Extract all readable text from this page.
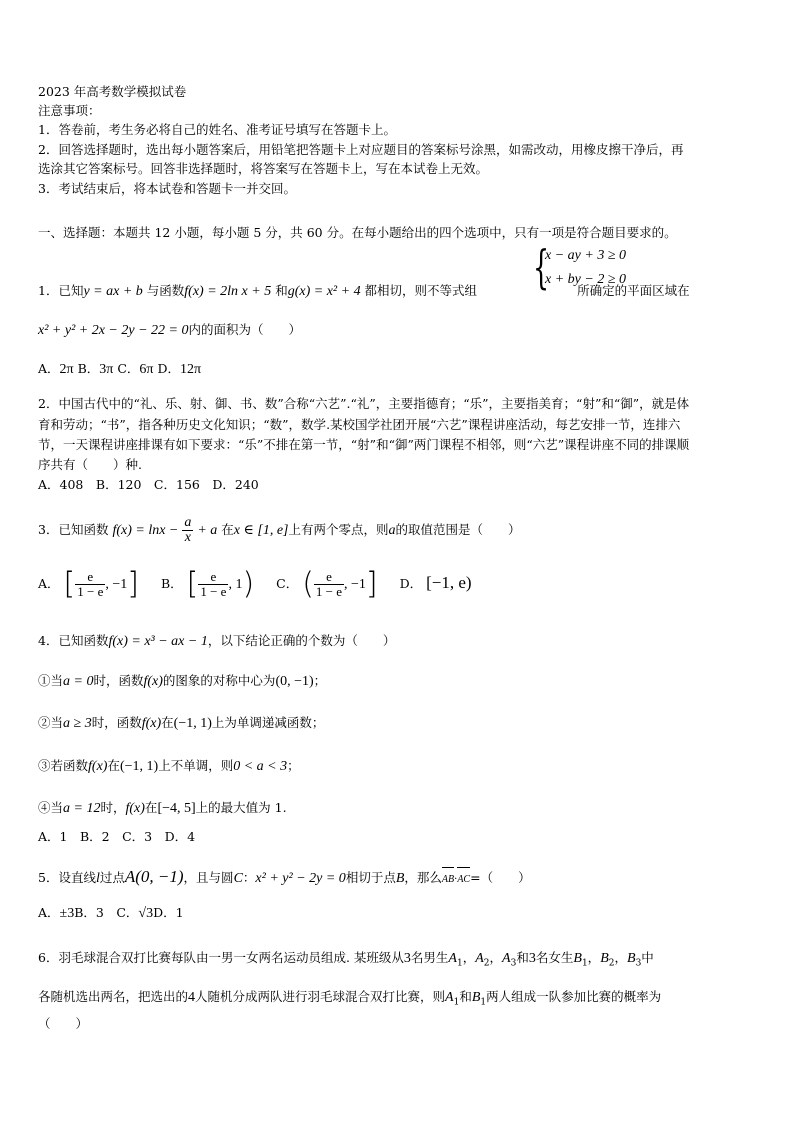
2023 年高考数学模拟试卷
注意事项：
1．答卷前，考生务必将自己的姓名、准考证号填写在答题卡上。
2．回答选择题时，选出每小题答案后，用铅笔把答题卡上对应题目的答案标号涂黑，如需改动，用橡皮擦干净后，再
选涂其它答案标号。回答非选择题时，将答案写在答题卡上，写在本试卷上无效。
3．考试结束后，将本试卷和答题卡一并交回。
一、选择题：本题共 12 小题，每小题 5 分，共 60 分。在每小题给出的四个选项中，只有一项是符合题目要求的。
{
x − ay + 3 ≥ 0
x + by − 2 ≥ 0
1．已知y = ax + b 与函数f(x) = 2ln x + 5 和g(x) = x² + 4 都相切，则不等式组	所确定的平面区域在
x² + y² + 2x − 2y − 22 = 0内的面积为（　　）
A．2π B．3π C．6π D．12π
2．中国古代中的“礼、乐、射、御、书、数”合称“六艺”.“礼”，主要指德育；“乐”，主要指美育；“射”和“御”，就是体
育和劳动；“书”，指各种历史文化知识；“数”，数学.某校国学社团开展“六艺”课程讲座活动，每艺安排一节，连排六
节，一天课程讲座排课有如下要求：“乐”不排在第一节，“射”和“御”两门课程不相邻，则“六艺”课程讲座不同的排课顺
序共有（　　）种.
A．408　B．120　C．156　D．240
3．已知函数 $f(x) = \ln x - \frac{a}{x} + a$ 在x ∈ [1, e]上有两个零点，则a的取值范围是（　　）
A． [ $\frac{e}{1 - e}$ , −1] B． [ $\frac{e}{1 - e}$ , 1) C． ( $\frac{e}{1 - e}$ , −1] D． [−1, e)
4．已知函数f(x) = x³ − ax − 1，以下结论正确的个数为（　　）
①当a = 0时，函数f(x)的图象的对称中心为(0, −1)；
②当a ≥ 3时，函数f(x)在(−1, 1)上为单调递减函数；
③若函数f(x)在(−1, 1)上不单调，则0 < a < 3；
④当a = 12时，f(x)在[−4, 5]上的最大值为 1.
A．1　B．2　C．3　D．4
5．设直线l过点A(0, −1)，且与圆C：x² + y² − 2y = 0相切于点B，那么AB·AC=（　　）
A．±3B．3　C．√3D．1
6．羽毛球混合双打比赛每队由一男一女两名运动员组成. 某班级从3名男生$A_1$，$A_2$，$A_3$和3名女生$B_1$，$B_2$，$B_3$中
各随机选出两名，把选出的4人随机分成两队进行羽毛球混合双打比赛，则$A_1$和$B_1$两人组成一队参加比赛的概率为
（　　）
